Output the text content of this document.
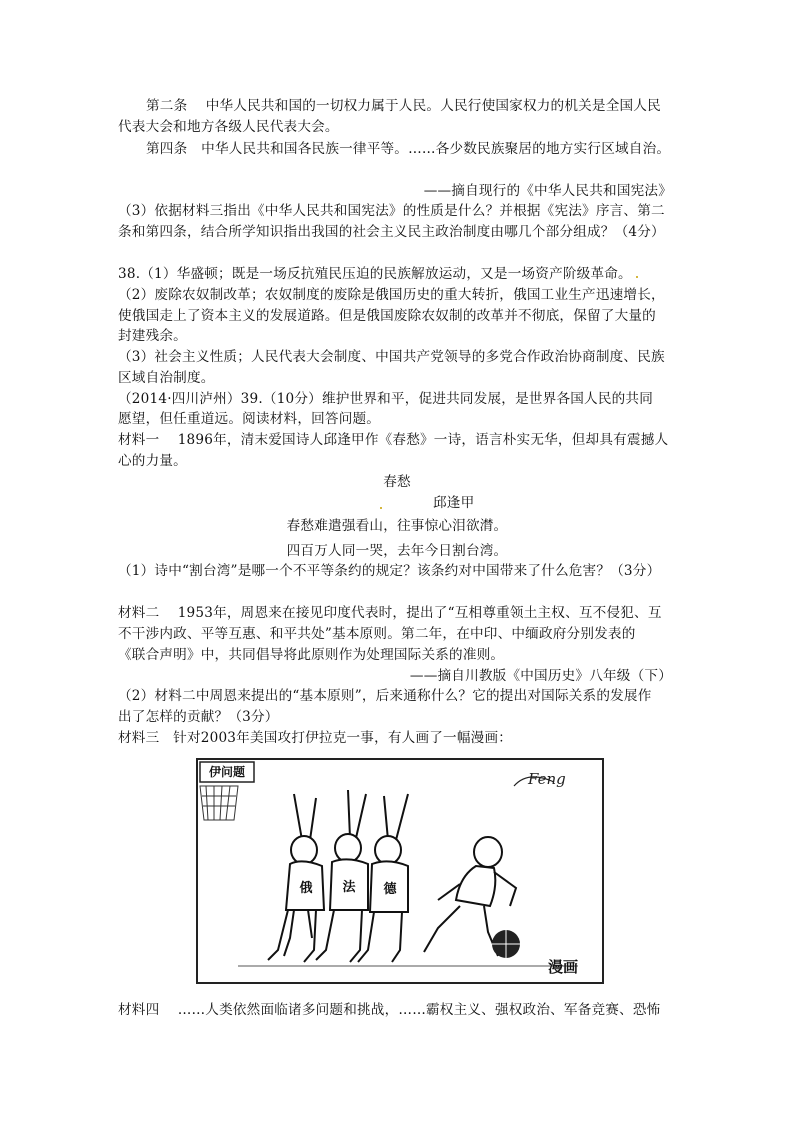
第二条　 中华人民共和国的一切权力属于人民。人民行使国家权力的机关是全国人民
代表大会和地方各级人民代表大会。
第四条　中华人民共和国各民族一律平等。……各少数民族聚居的地方实行区域自治。
——摘自现行的《中华人民共和国宪法》
（3）依据材料三指出《中华人民共和国宪法》的性质是什么？并根据《宪法》序言、第二
条和第四条，结合所学知识指出我国的社会主义民主政治制度由哪几个部分组成？（4分）
38.（1）华盛顿；既是一场反抗殖民压迫的民族解放运动，又是一场资产阶级革命。
（2）废除农奴制改革；农奴制度的废除是俄国历史的重大转折，俄国工业生产迅速增长，
使俄国走上了资本主义的发展道路。但是俄国废除农奴制的改革并不彻底，保留了大量的
封建残余。
（3）社会主义性质；人民代表大会制度、中国共产党领导的多党合作政治协商制度、民族
区域自治制度。
（2014·四川泸州）39.（10分）维护世界和平，促进共同发展，是世界各国人民的共同
愿望，但任重道远。阅读材料，回答问题。
材料一　 1896年，清末爱国诗人邱逢甲作《春愁》一诗，语言朴实无华，但却具有震撼人
心的力量。
春愁
邱逢甲
春愁难遣强看山，往事惊心泪欲潸。
四百万人同一哭，去年今日割台湾。
（1）诗中“割台湾”是哪一个不平等条约的规定？该条约对中国带来了什么危害？（3分）
材料二　 1953年，周恩来在接见印度代表时，提出了“互相尊重领土主权、互不侵犯、互
不干涉内政、平等互惠、和平共处”基本原则。第二年，在中印、中缅政府分别发表的
《联合声明》中，共同倡导将此原则作为处理国际关系的准则。
——摘自川教版《中国历史》八年级（下）
（2）材料二中周恩来提出的“基本原则”，后来通称什么？它的提出对国际关系的发展作
出了怎样的贡献？（3分）
材料三　针对2003年美国攻打伊拉克一事，有人画了一幅漫画：
伊问题	Feng
俄 法 德
漫画
材料四　 ……人类依然面临诸多问题和挑战，……霸权主义、强权政治、军备竞赛、恐怖
